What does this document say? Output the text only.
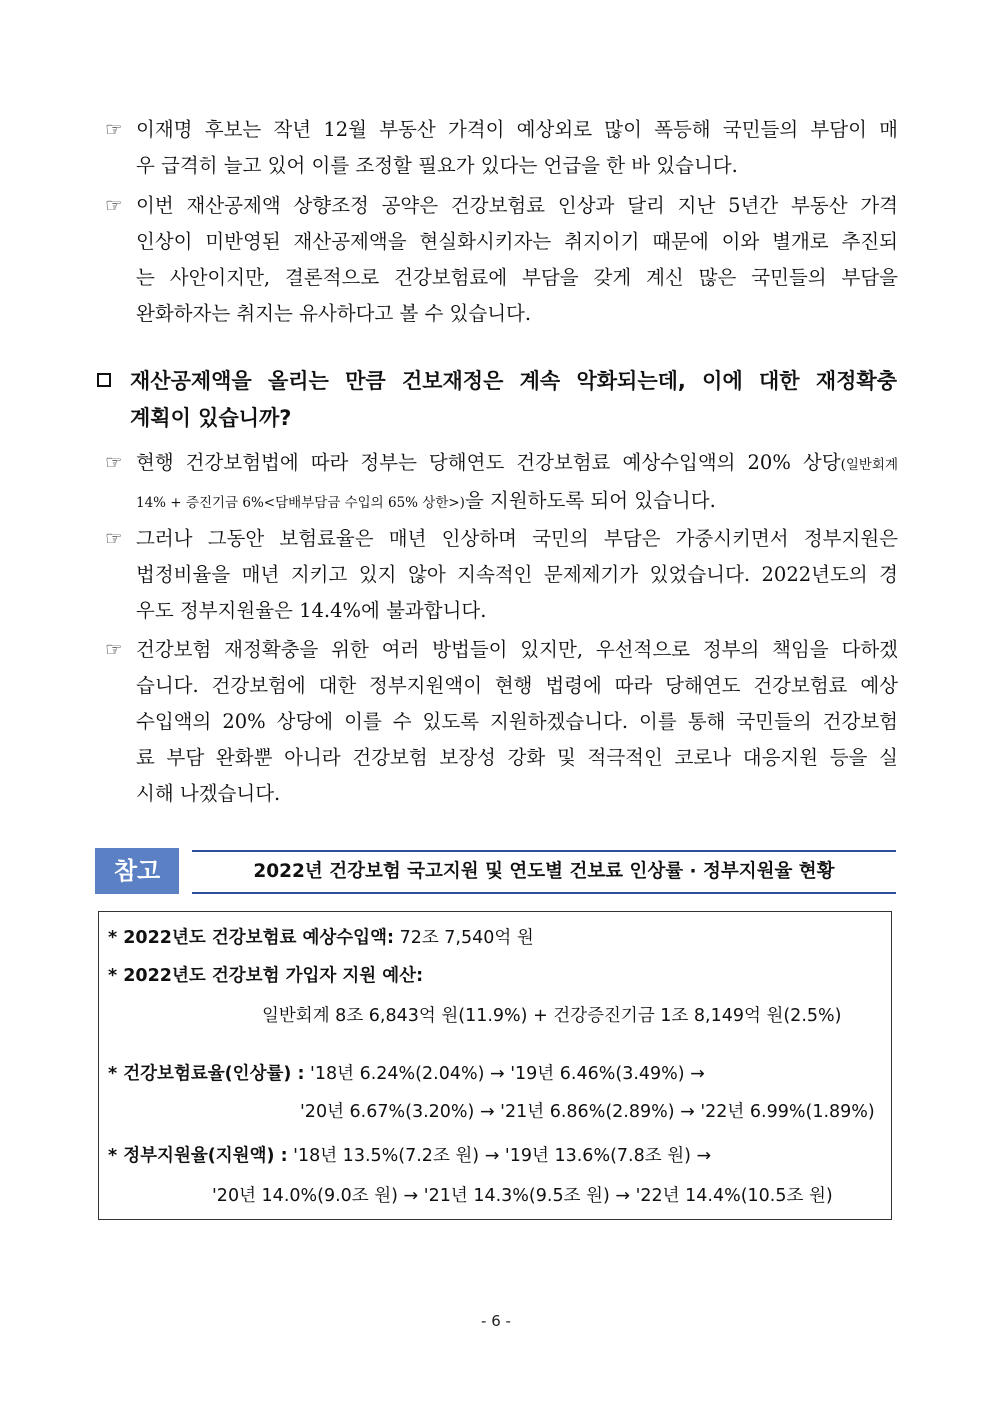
☞ 이재명 후보는 작년 12월 부동산 가격이 예상외로 많이 폭등해 국민들의 부담이 매
우 급격히 늘고 있어 이를 조정할 필요가 있다는 언급을 한 바 있습니다.
☞ 이번 재산공제액 상향조정 공약은 건강보험료 인상과 달리 지난 5년간 부동산 가격
인상이 미반영된 재산공제액을 현실화시키자는 취지이기 때문에 이와 별개로 추진되
는 사안이지만, 결론적으로 건강보험료에 부담을 갖게 계신 많은 국민들의 부담을
완화하자는 취지는 유사하다고 볼 수 있습니다.
재산공제액을 올리는 만큼 건보재정은 계속 악화되는데, 이에 대한 재정확충
계획이 있습니까?
☞ 현행 건강보험법에 따라 정부는 당해연도 건강보험료 예상수입액의 20% 상당(일반회계
14% + 증진기금 6%<담배부담금 수입의 65% 상한>)을 지원하도록 되어 있습니다.
☞ 그러나 그동안 보험료율은 매년 인상하며 국민의 부담은 가중시키면서 정부지원은
법정비율을 매년 지키고 있지 않아 지속적인 문제제기가 있었습니다. 2022년도의 경
우도 정부지원율은 14.4%에 불과합니다.
☞ 건강보험 재정확충을 위한 여러 방법들이 있지만, 우선적으로 정부의 책임을 다하겠
습니다. 건강보험에 대한 정부지원액이 현행 법령에 따라 당해연도 건강보험료 예상
수입액의 20% 상당에 이를 수 있도록 지원하겠습니다. 이를 통해 국민들의 건강보험
료 부담 완화뿐 아니라 건강보험 보장성 강화 및 적극적인 코로나 대응지원 등을 실
시해 나겠습니다.
참고	2022년 건강보험 국고지원 및 연도별 건보료 인상률 · 정부지원율 현황
* 2022년도 건강보험료 예상수입액: 72조 7,540억 원
* 2022년도 건강보험 가입자 지원 예산:
일반회계 8조 6,843억 원(11.9%) + 건강증진기금 1조 8,149억 원(2.5%)
* 건강보험료율(인상률) : '18년 6.24%(2.04%) → '19년 6.46%(3.49%) →
'20년 6.67%(3.20%) → '21년 6.86%(2.89%) → '22년 6.99%(1.89%)
* 정부지원율(지원액) : '18년 13.5%(7.2조 원) → '19년 13.6%(7.8조 원) →
'20년 14.0%(9.0조 원) → '21년 14.3%(9.5조 원) → '22년 14.4%(10.5조 원)
- 6 -
